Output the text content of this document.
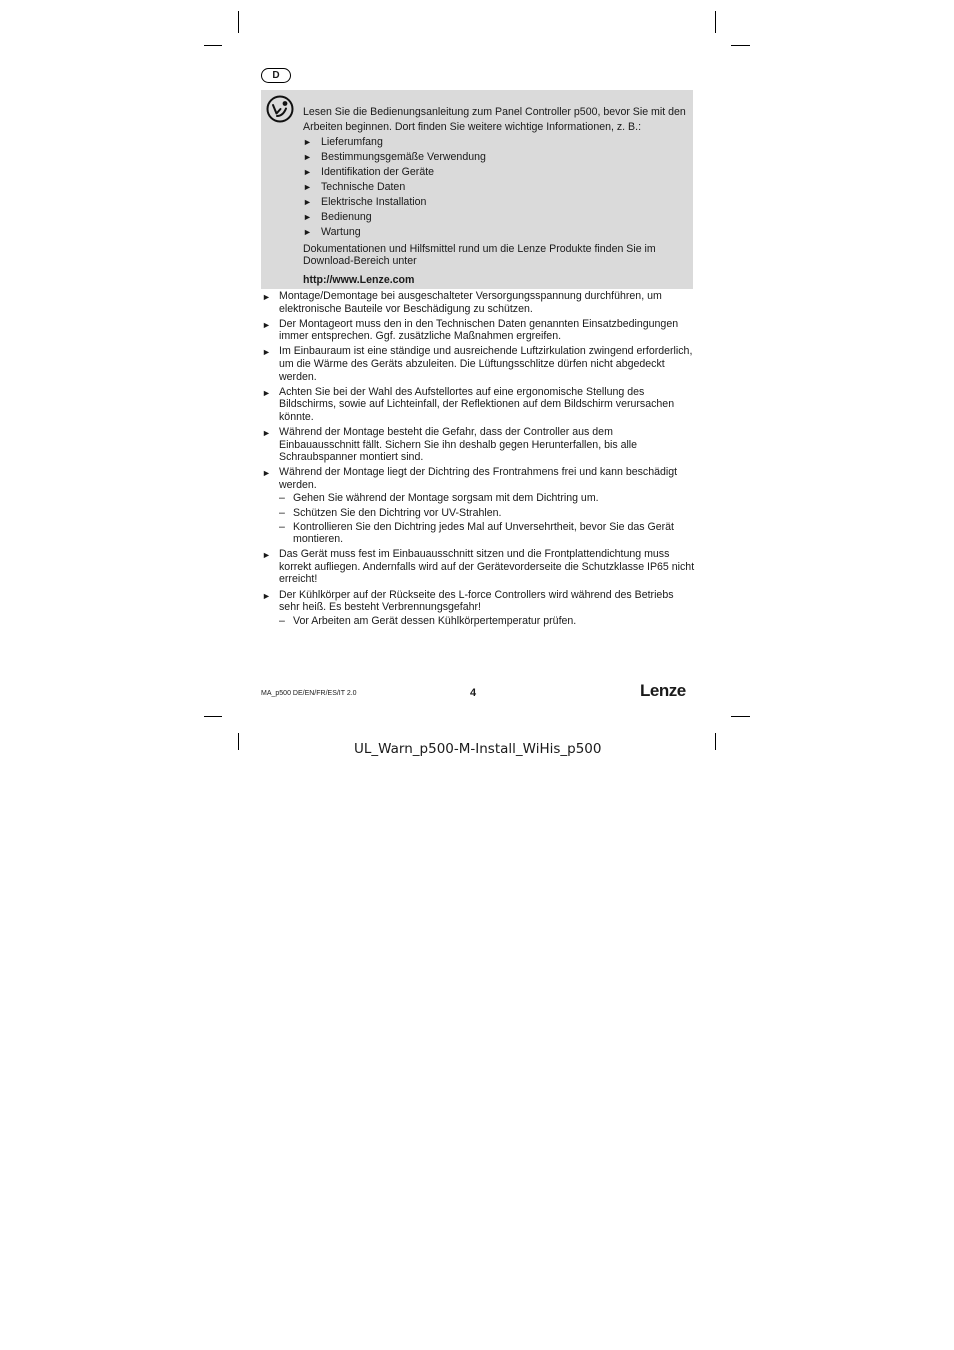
D

Lesen Sie die Bedienungsanleitung zum Panel Controller p500, bevor Sie mit den Arbeiten beginnen. Dort finden Sie weitere wichtige Informationen, z. B.:

► Lieferumfang
► Bestimmungsgemäße Verwendung
► Identifikation der Geräte
► Technische Daten
► Elektrische Installation
► Bedienung
► Wartung

Dokumentationen und Hilfsmittel rund um die Lenze Produkte finden Sie im Download-Bereich unter

http://www.Lenze.com

► Montage/Demontage bei ausgeschalteter Versorgungsspannung durchführen, um elektronische Bauteile vor Beschädigung zu schützen.
► Der Montageort muss den in den Technischen Daten genannten Einsatzbedingungen immer entsprechen. Ggf. zusätzliche Maßnahmen ergreifen.
► Im Einbauraum ist eine ständige und ausreichende Luftzirkulation zwingend erforderlich, um die Wärme des Geräts abzuleiten. Die Lüftungsschlitze dürfen nicht abgedeckt werden.
► Achten Sie bei der Wahl des Aufstellortes auf eine ergonomische Stellung des Bildschirms, sowie auf Lichteinfall, der Reflektionen auf dem Bildschirm verursachen könnte.
► Während der Montage besteht die Gefahr, dass der Controller aus dem Einbauausschnitt fällt. Sichern Sie ihn deshalb gegen Herunterfallen, bis alle Schraubspanner montiert sind.
► Während der Montage liegt der Dichtring des Frontrahmens frei und kann beschädigt werden.
– Gehen Sie während der Montage sorgsam mit dem Dichtring um.
– Schützen Sie den Dichtring vor UV-Strahlen.
– Kontrollieren Sie den Dichtring jedes Mal auf Unversehrtheit, bevor Sie das Gerät montieren.
► Das Gerät muss fest im Einbauausschnitt sitzen und die Frontplattendichtung muss korrekt aufliegen. Andernfalls wird auf der Gerätevorderseite die Schutzklasse IP65 nicht erreicht!
► Der Kühlkörper auf der Rückseite des L-force Controllers wird während des Betriebs sehr heiß. Es besteht Verbrennungsgefahr!
– Vor Arbeiten am Gerät dessen Kühlkörpertemperatur prüfen.
MA_p500 DE/EN/FR/ES/IT 2.0	4	Lenze
UL_Warn_p500-M-Install_WiHis_p500
